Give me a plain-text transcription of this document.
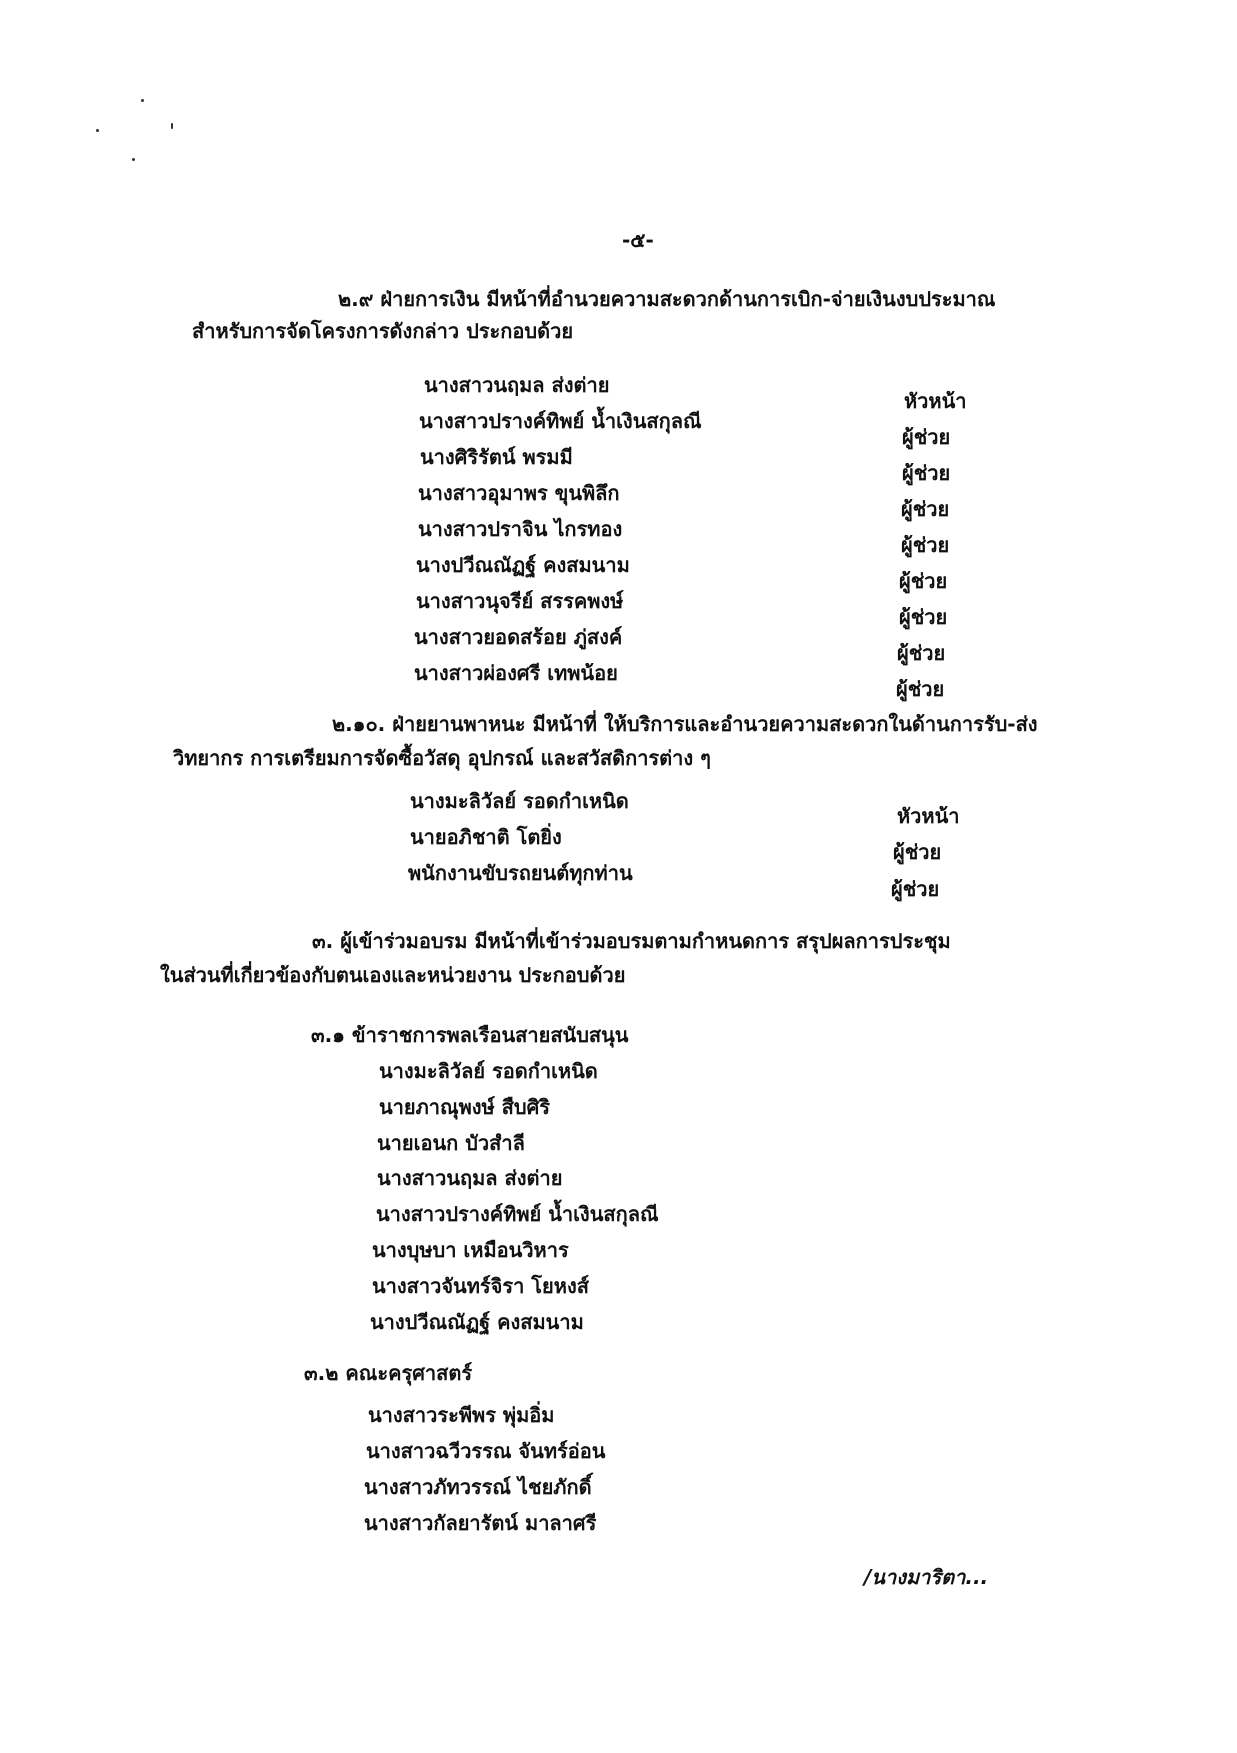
-๕-
๒.๙ ฝ่ายการเงิน มีหน้าที่อำนวยความสะดวกด้านการเบิก-จ่ายเงินงบประมาณ
สำหรับการจัดโครงการดังกล่าว ประกอบด้วย
นางสาวนฤมล ส่งต่าย
หัวหน้า
นางสาวปรางค์ทิพย์ น้ำเงินสกุลณี
ผู้ช่วย
นางศิริรัตน์ พรมมี
ผู้ช่วย
นางสาวอุมาพร ขุนพิลึก
ผู้ช่วย
นางสาวปราจิน ไกรทอง
ผู้ช่วย
นางปวีณณัฏฐ์ คงสมนาม
ผู้ช่วย
นางสาวนุจรีย์ สรรคพงษ์
ผู้ช่วย
นางสาวยอดสร้อย ภู่สงค์
ผู้ช่วย
นางสาวผ่องศรี เทพน้อย
ผู้ช่วย
๒.๑๐. ฝ่ายยานพาหนะ มีหน้าที่ ให้บริการและอำนวยความสะดวกในด้านการรับ-ส่ง
วิทยากร การเตรียมการจัดซื้อวัสดุ อุปกรณ์ และสวัสดิการต่าง ๆ
นางมะลิวัลย์ รอดกำเหนิด
หัวหน้า
นายอภิชาติ โตยิ่ง
ผู้ช่วย
พนักงานขับรถยนต์ทุกท่าน
ผู้ช่วย
๓. ผู้เข้าร่วมอบรม มีหน้าที่เข้าร่วมอบรมตามกำหนดการ สรุปผลการประชุม
ในส่วนที่เกี่ยวข้องกับตนเองและหน่วยงาน ประกอบด้วย
๓.๑ ข้าราชการพลเรือนสายสนับสนุน
นางมะลิวัลย์ รอดกำเหนิด
นายภาณุพงษ์ สืบศิริ
นายเอนก บัวสำลี
นางสาวนฤมล ส่งต่าย
นางสาวปรางค์ทิพย์ น้ำเงินสกุลณี
นางบุษบา เหมือนวิหาร
นางสาวจันทร์จิรา โยหงส์
นางปวีณณัฏฐ์ คงสมนาม
๓.๒ คณะครุศาสตร์
นางสาวระพีพร พุ่มอิ่ม
นางสาวฉวีวรรณ จันทร์อ่อน
นางสาวภัทวรรณ์ ไชยภักดิ์
นางสาวกัลยารัตน์ มาลาศรี
/นางมาริตา...
